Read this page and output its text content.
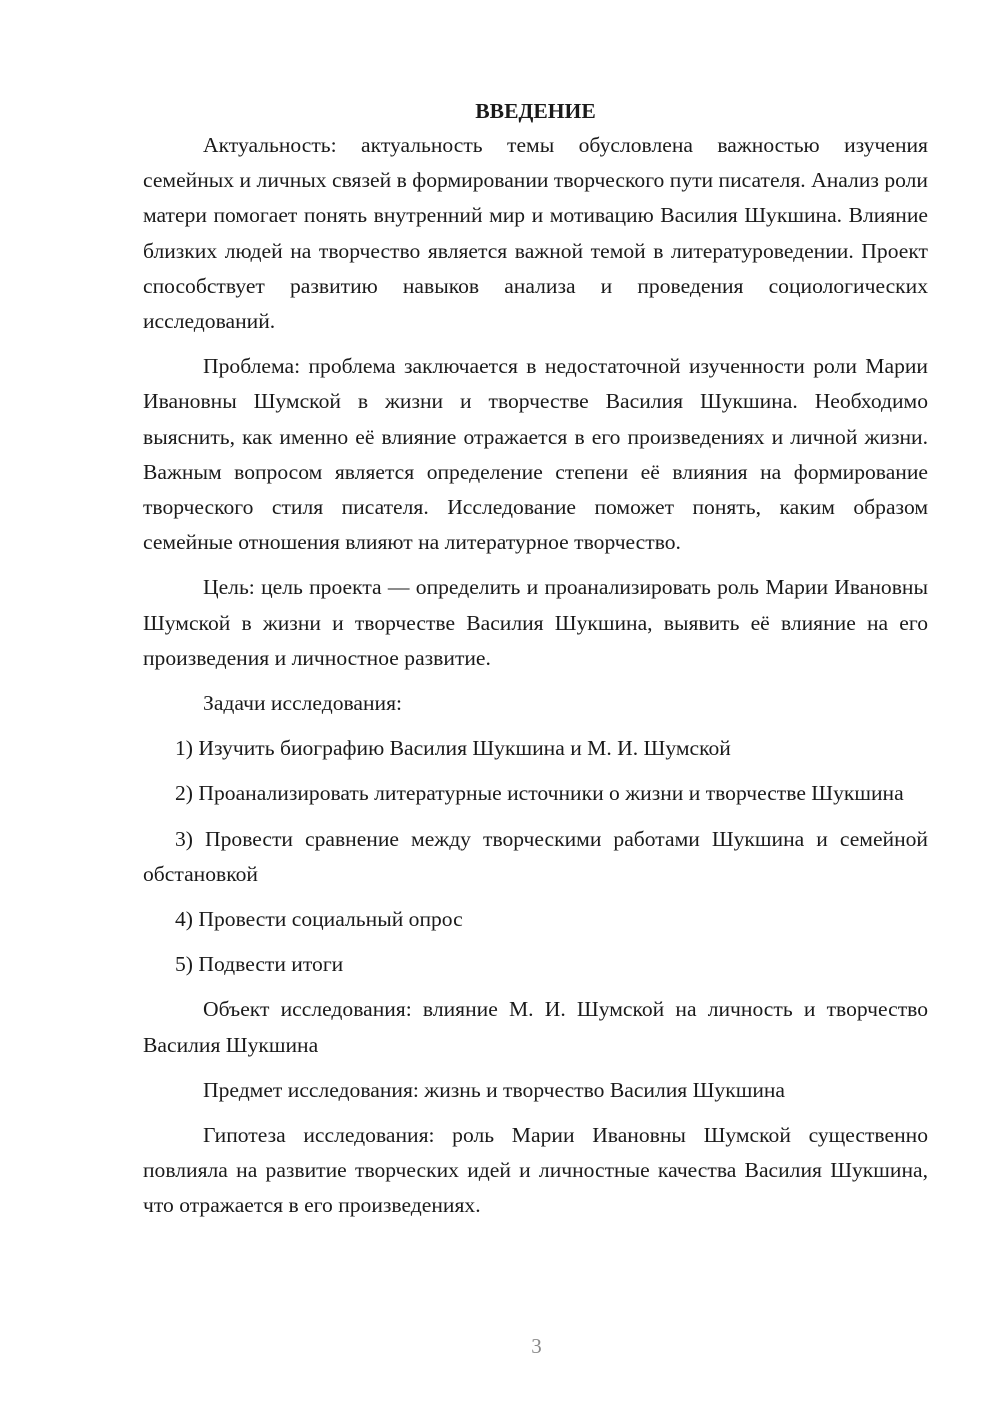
ВВЕДЕНИЕ

Актуальность: актуальность темы обусловлена важностью изучения семейных и личных связей в формировании творческого пути писателя. Анализ роли матери помогает понять внутренний мир и мотивацию Василия Шукшина. Влияние близких людей на творчество является важной темой в литературоведении. Проект способствует развитию навыков анализа и проведения социологических исследований.

Проблема: проблема заключается в недостаточной изученности роли Марии Ивановны Шумской в жизни и творчестве Василия Шукшина. Необходимо выяснить, как именно её влияние отражается в его произведениях и личной жизни. Важным вопросом является определение степени её влияния на формирование творческого стиля писателя. Исследование поможет понять, каким образом семейные отношения влияют на литературное творчество.

Цель: цель проекта — определить и проанализировать роль Марии Ивановны Шумской в жизни и творчестве Василия Шукшина, выявить её влияние на его произведения и личностное развитие.

Задачи исследования:

1) Изучить биографию Василия Шукшина и М. И. Шумской

2) Проанализировать литературные источники о жизни и творчестве Шукшина

3) Провести сравнение между творческими работами Шукшина и семейной обстановкой

4) Провести социальный опрос

5) Подвести итоги

Объект исследования: влияние М. И. Шумской на личность и творчество Василия Шукшина

Предмет исследования: жизнь и творчество Василия Шукшина

Гипотеза исследования: роль Марии Ивановны Шумской существенно повлияла на развитие творческих идей и личностные качества Василия Шукшина, что отражается в его произведениях.

3
